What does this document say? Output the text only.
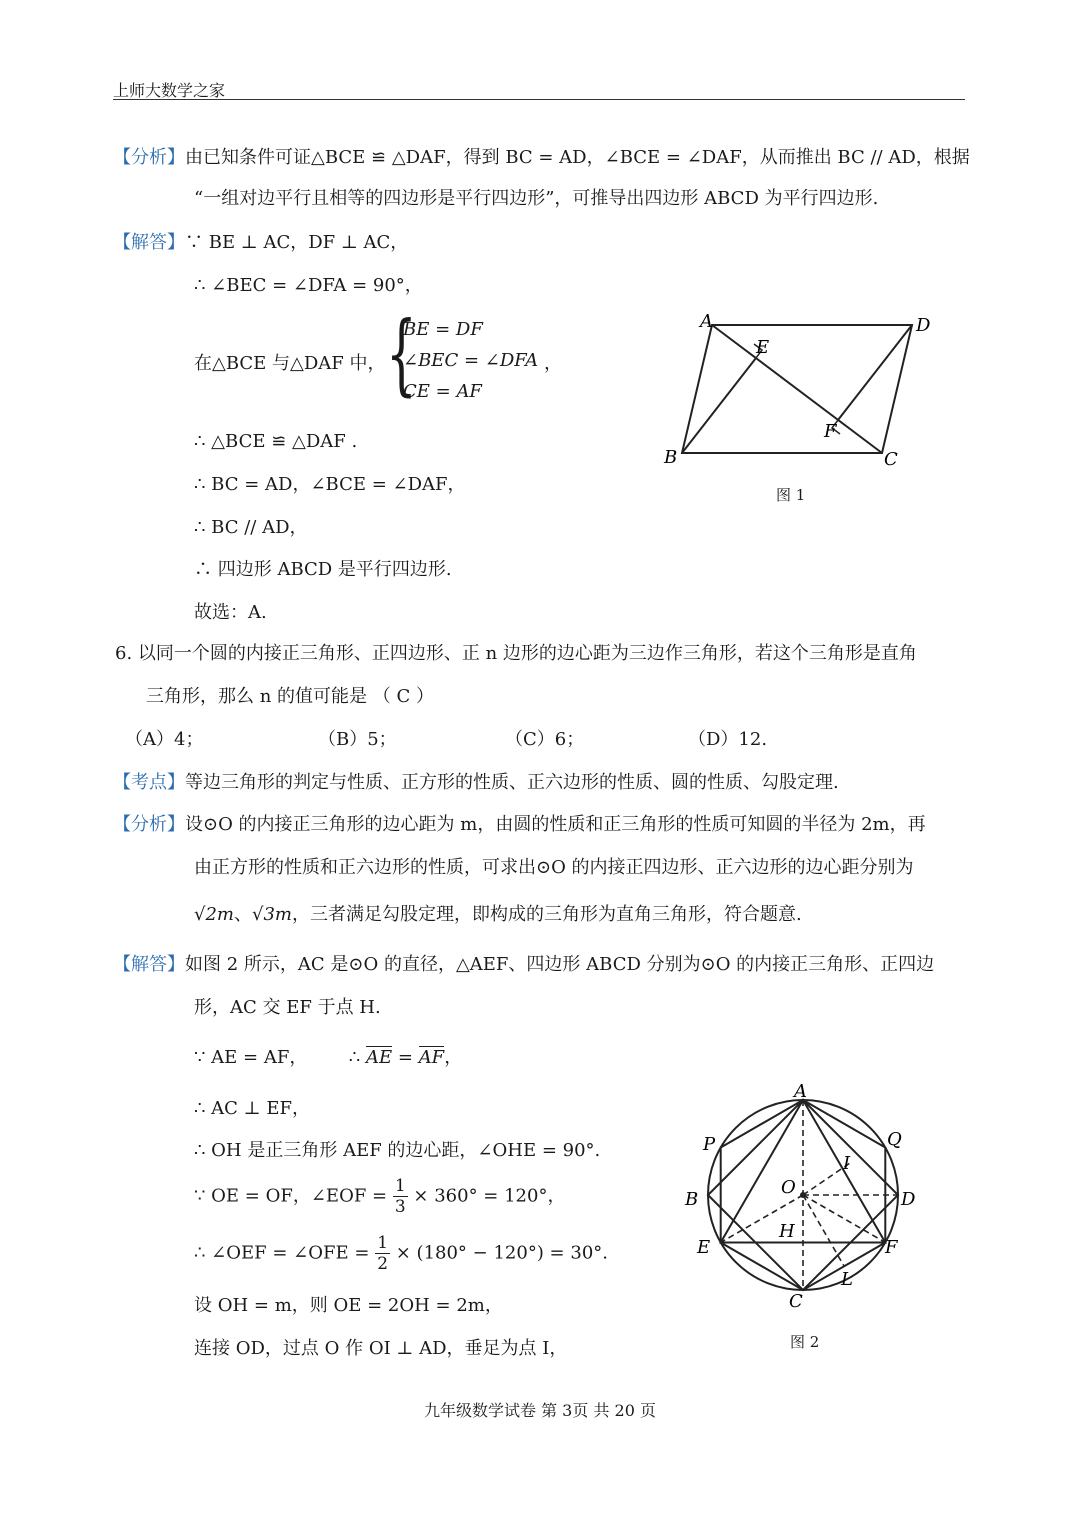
上师大数学之家
【分析】由已知条件可证△BCE ≌ △DAF，得到 BC = AD，∠BCE = ∠DAF，从而推出 BC // AD，根据
“一组对边平行且相等的四边形是平行四边形”，可推导出四边形 ABCD 为平行四边形.
【解答】∵ BE ⊥ AC，DF ⊥ AC，
∴ ∠BEC = ∠DFA = 90°，
在△BCE 与△DAF 中， {
BE = DF
∠BEC = ∠DFA
CE = AF
，
∴ △BCE ≌ △DAF .
∴ BC = AD，∠BCE = ∠DAF，
∴ BC // AD，
∴ 四边形 ABCD 是平行四边形.
故选：A.
A	D
E
F
B	C
图 1
6. 以同一个圆的内接正三角形、正四边形、正 n 边形的边心距为三边作三角形，若这个三角形是直角
三角形，那么 n 的值可能是 （ C ）
（A）4；	（B）5；	（C）6；	（D）12.
【考点】等边三角形的判定与性质、正方形的性质、正六边形的性质、圆的性质、勾股定理.
【分析】设⊙O 的内接正三角形的边心距为 m，由圆的性质和正三角形的性质可知圆的半径为 2m，再
由正方形的性质和正六边形的性质，可求出⊙O 的内接正四边形、正六边形的边心距分别为
√2m、√3m，三者满足勾股定理，即构成的三角形为直角三角形，符合题意.
【解答】如图 2 所示，AC 是⊙O 的直径，△AEF、四边形 ABCD 分别为⊙O 的内接正三角形、正四边
形，AC 交 EF 于点 H.
∵ AE = AF， ∴ AE = AF，
∴ AC ⊥ EF，
∴ OH 是正三角形 AEF 的边心距，∠OHE = 90°.
∵ OE = OF，∠EOF = $\frac{1}{3} \times 360^\circ = 120^\circ$，
∴ ∠OEF = ∠OFE = $\frac{1}{2} \times (180^\circ - 120^\circ) = 30^\circ$.
设 OH = m，则 OE = 2OH = 2m，
连接 OD，过点 O 作 OI ⊥ AD，垂足为点 I，
A
P	Q
I
O
B	D
H
E	F
L
C
图 2
九年级数学试卷 第 3页 共 20 页
